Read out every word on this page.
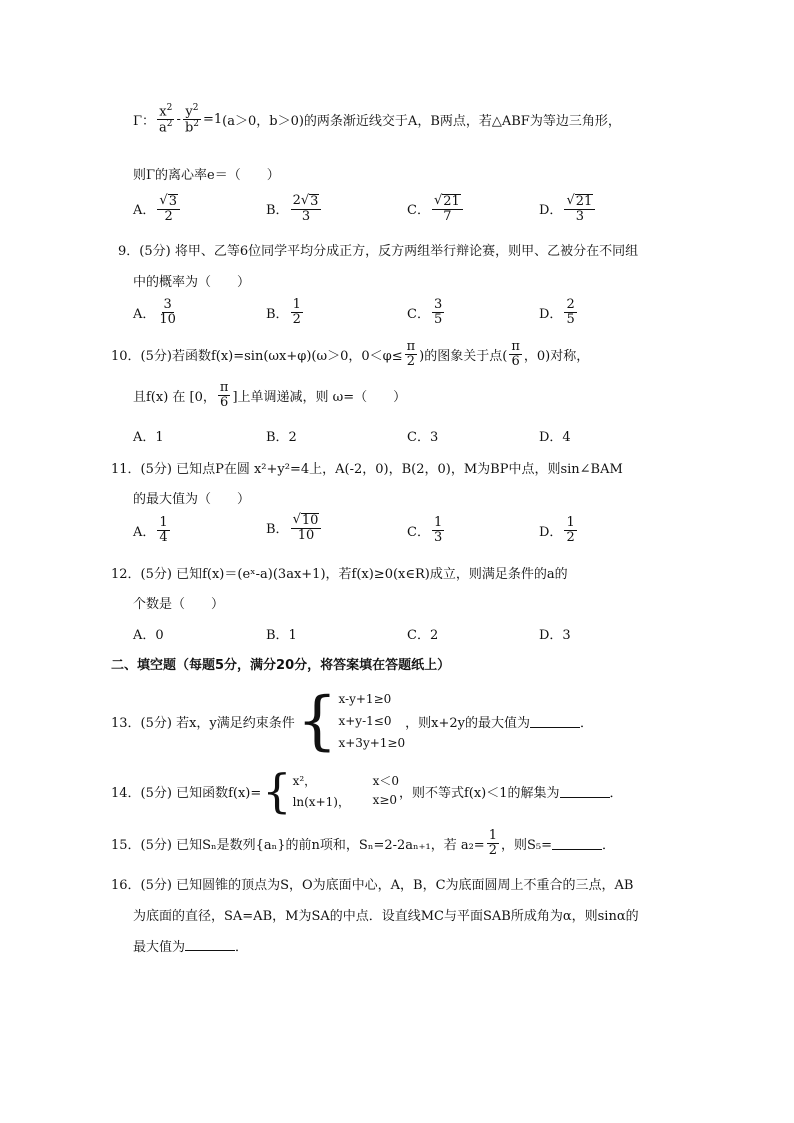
Γ： $\frac{x^2}{a^2} - \frac{y^2}{b^2} =1$ (a＞0，b＞0)的两条渐近线交于A，B两点，若△ABF为等边三角形，
则Γ的离心率e＝（　　）
A． $\frac{√ 3}{2}$	B． $\frac{2√ 3}{3}$	C． $\frac{√ 21}{7}$	D． $\frac{√ 21}{3}$
9．(5分) 将甲、乙等6位同学平均分成正方，反方两组举行辩论赛，则甲、乙被分在不同组
中的概率为（　　）
A． $\frac{3}{10}$	B． $\frac{1}{2}$	C． $\frac{3}{5}$	D． $\frac{2}{5}$
10．(5分)若函数f(x)=sin(ωx+φ)(ω＞0，$0<\varphi\le \frac{\pi}{2}$ )的图象关于点( $\frac{\pi}{6}$ ，0)对称，
且f(x) 在 [0， $\frac{\pi}{6}$ ]上单调递减，则 ω=（　　）
A．1	B．2	C．3	D．4
11．(5分) 已知点P在圆 x²+y²=4上，A(-2，0)，B(2，0)，M为BP中点，则sin∠BAM
的最大值为（　　）
A． $\frac{1}{4}$	B． $\frac{√ 10}{10}$	C． $\frac{1}{3}$	D． $\frac{1}{2}$
12．(5分) 已知f(x)＝(eˣ-a)(3ax+1)，若f(x)≥0(x∈R)成立，则满足条件的a的
个数是（　　）
A．0	B．1	C．2	D．3
二、填空题（每题5分，满分20分，将答案填在答题纸上）
13．(5分) 若x，y满足约束条件 { x-y+1≥0
x+y-1≤0
x+3y+1≥0
，则x+2y的最大值为	．
14．(5分) 已知函数f(x)= { x²，	x＜0
ln(x+1)，	x≥0 ，则不等式f(x)＜1的解集为	．
15．(5分) 已知Sₙ是数列{aₙ}的前n项和，Sₙ=2-2aₙ₊₁，若 $a_2= \frac{1}{2}$ ，则S₅=	．
16．(5分) 已知圆锥的顶点为S，O为底面中心，A，B，C为底面圆周上不重合的三点，AB
为底面的直径，SA=AB，M为SA的中点．设直线MC与平面SAB所成角为α，则sinα的
最大值为	．
